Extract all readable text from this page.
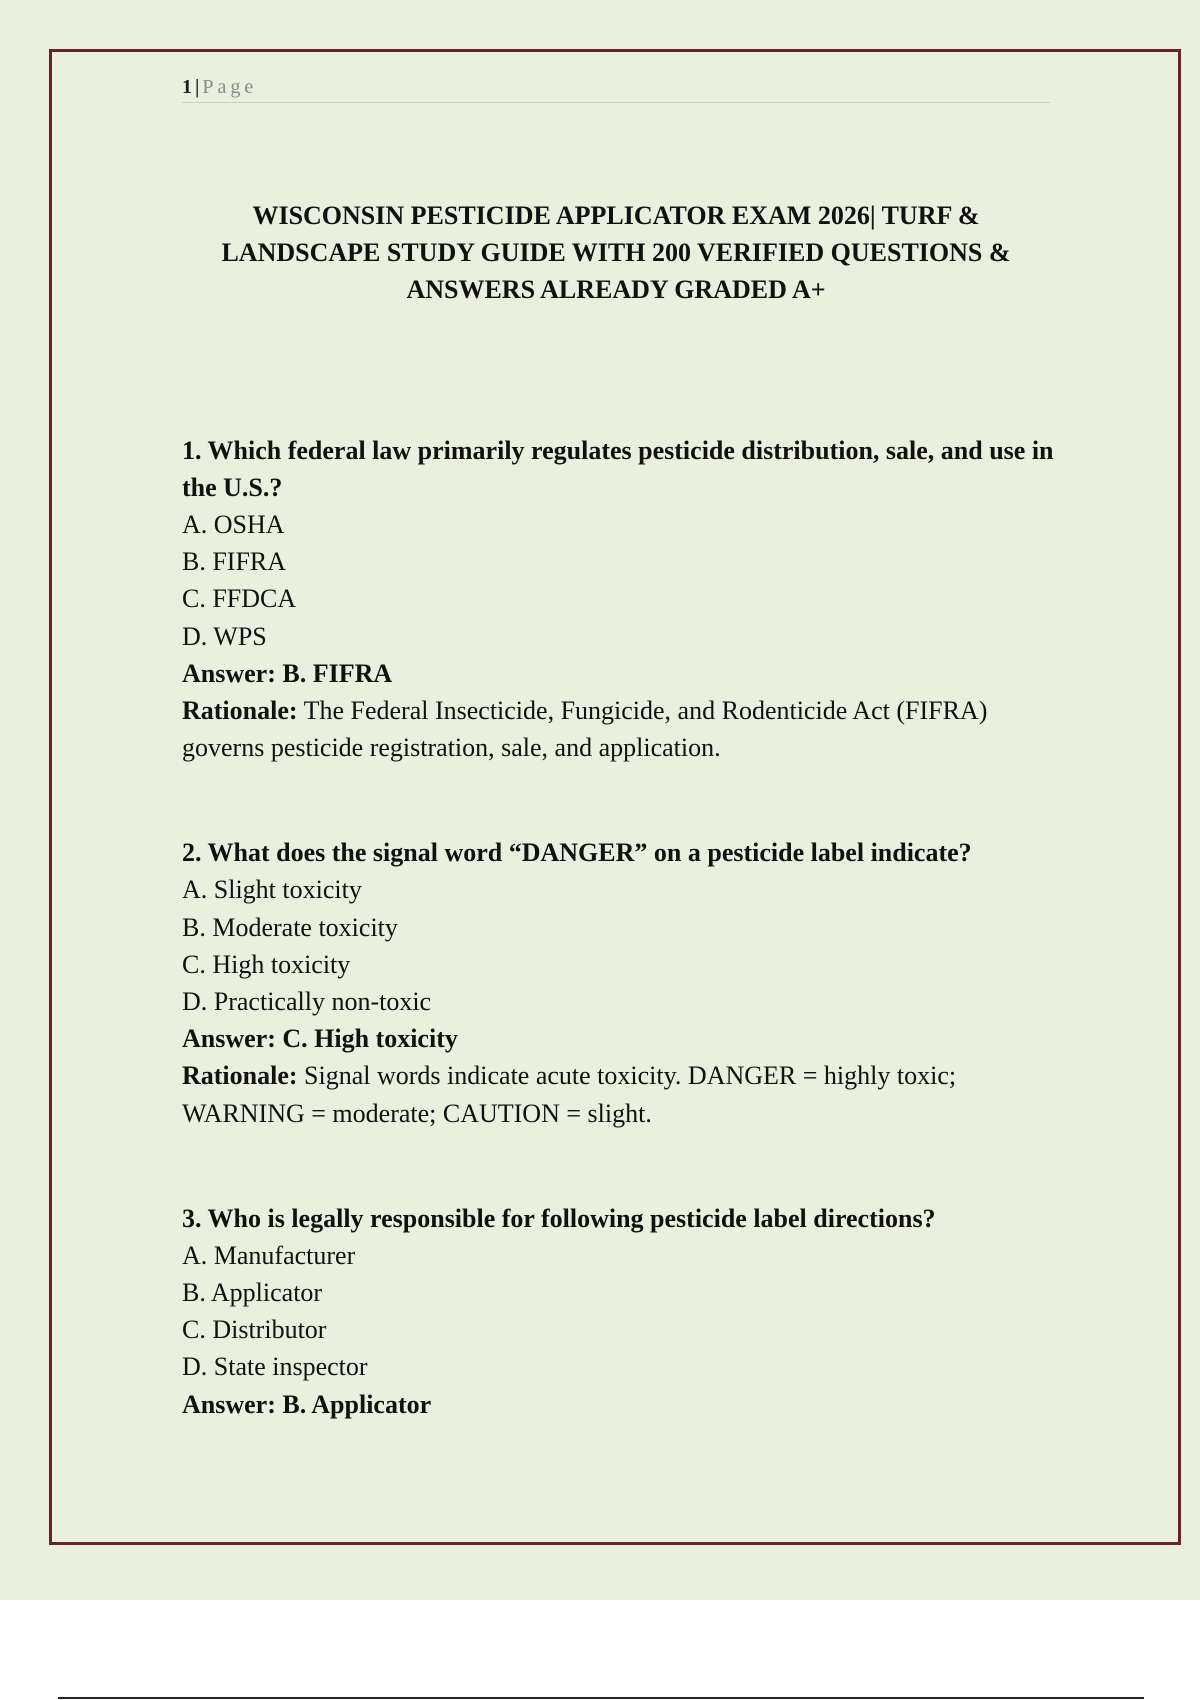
1 | Page
WISCONSIN PESTICIDE APPLICATOR EXAM 2026| TURF & LANDSCAPE STUDY GUIDE WITH 200 VERIFIED QUESTIONS & ANSWERS ALREADY GRADED A+

1. Which federal law primarily regulates pesticide distribution, sale, and use in the U.S.?

A. OSHA

B. FIFRA

C. FFDCA

D. WPS

Answer: B. FIFRA

Rationale: The Federal Insecticide, Fungicide, and Rodenticide Act (FIFRA) governs pesticide registration, sale, and application.

2. What does the signal word “DANGER” on a pesticide label indicate?

A. Slight toxicity

B. Moderate toxicity

C. High toxicity

D. Practically non-toxic

Answer: C. High toxicity

Rationale: Signal words indicate acute toxicity. DANGER = highly toxic; WARNING = moderate; CAUTION = slight.

3. Who is legally responsible for following pesticide label directions?

A. Manufacturer

B. Applicator

C. Distributor

D. State inspector

Answer: B. Applicator
